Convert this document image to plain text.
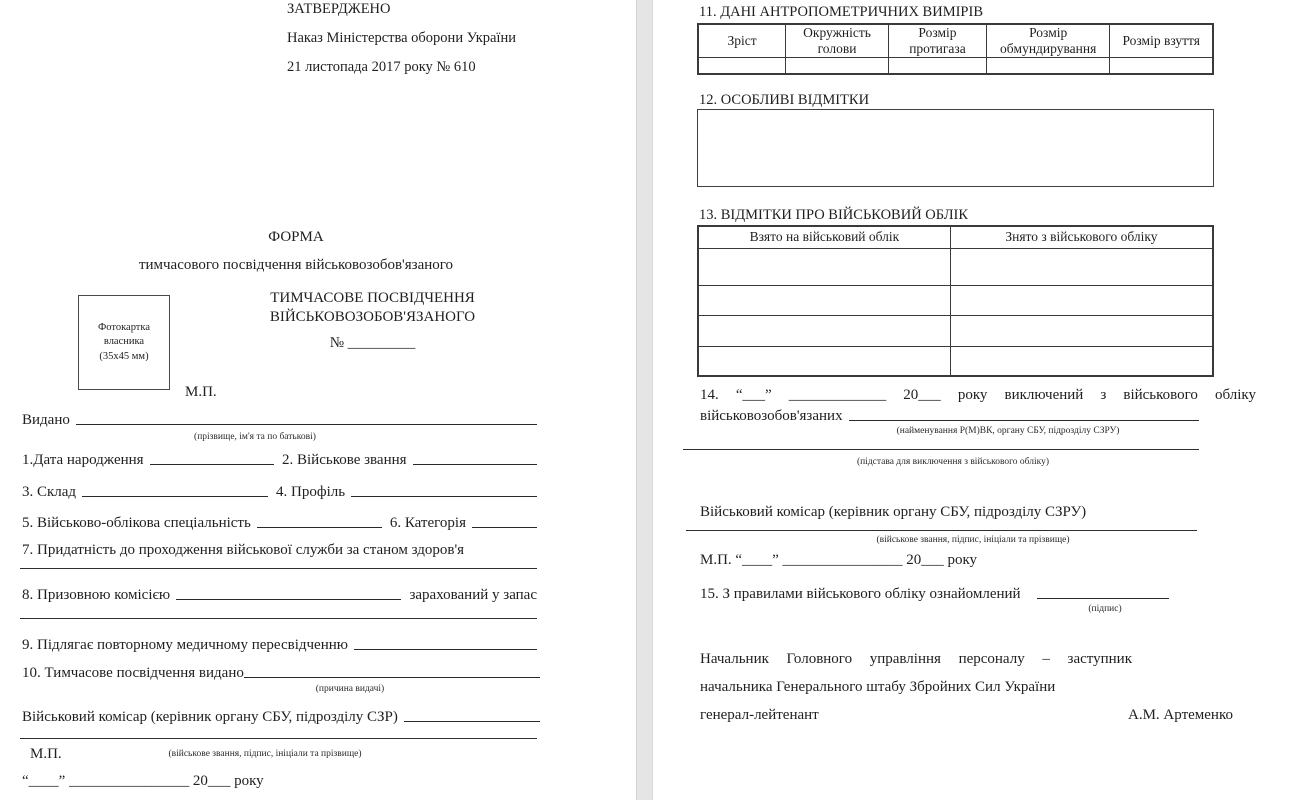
ЗАТВЕРДЖЕНО
Наказ Міністерства оборони України
21 листопада 2017 року № 610
ФОРМА
тимчасового посвідчення військовозобов'язаного
Фотокартка
власника
(35х45 мм)
ТИМЧАСОВЕ ПОСВІДЧЕННЯ
ВІЙСЬКОВОЗОБОВ'ЯЗАНОГО
№ _________
М.П.
Видано
(прізвище, ім'я та по батькові)
1.Дата народження	2. Військове звання
3. Склад	4. Профіль
5. Військово-облікова спеціальність	6. Категорія
7. Придатність до проходження військової служби за станом здоров'я
8. Призовною комісією	зарахований у запас
9. Підлягає повторному медичному пересвідченню
10. Тимчасове посвідчення видано
(причина видачі)
Військовий комісар (керівник органу СБУ, підрозділу СЗР)
М.П.	(військове звання, підпис, ініціали та прізвище)
“____” ________________ 20___ року
11. ДАНІ АНТРОПОМЕТРИЧНИХ ВИМІРІВ
Зріст	Окружність голови	Розмір протигаза	Розмір обмундирування	Розмір взуття

12. ОСОБЛИВІ ВІДМІТКИ
13. ВІДМІТКИ ПРО ВІЙСЬКОВИЙ ОБЛІК
Взято на військовий облік	Знято з військового обліку

14. “___” _____________ 20___ року виключений з військового обліку
військовозобов'язаних
(найменування Р(М)ВК, органу СБУ, підрозділу СЗРУ)
(підстава для виключення з військового обліку)
Військовий комісар (керівник органу СБУ, підрозділу СЗРУ)
(військове звання, підпис, ініціали та прізвище)
М.П. “____” ________________ 20___ року
15. З правилами військового обліку ознайомлений
(підпис)
Начальник Головного управління персоналу – заступник
начальника Генерального штабу Збройних Сил України
генерал-лейтенант	А.М. Артеменко
